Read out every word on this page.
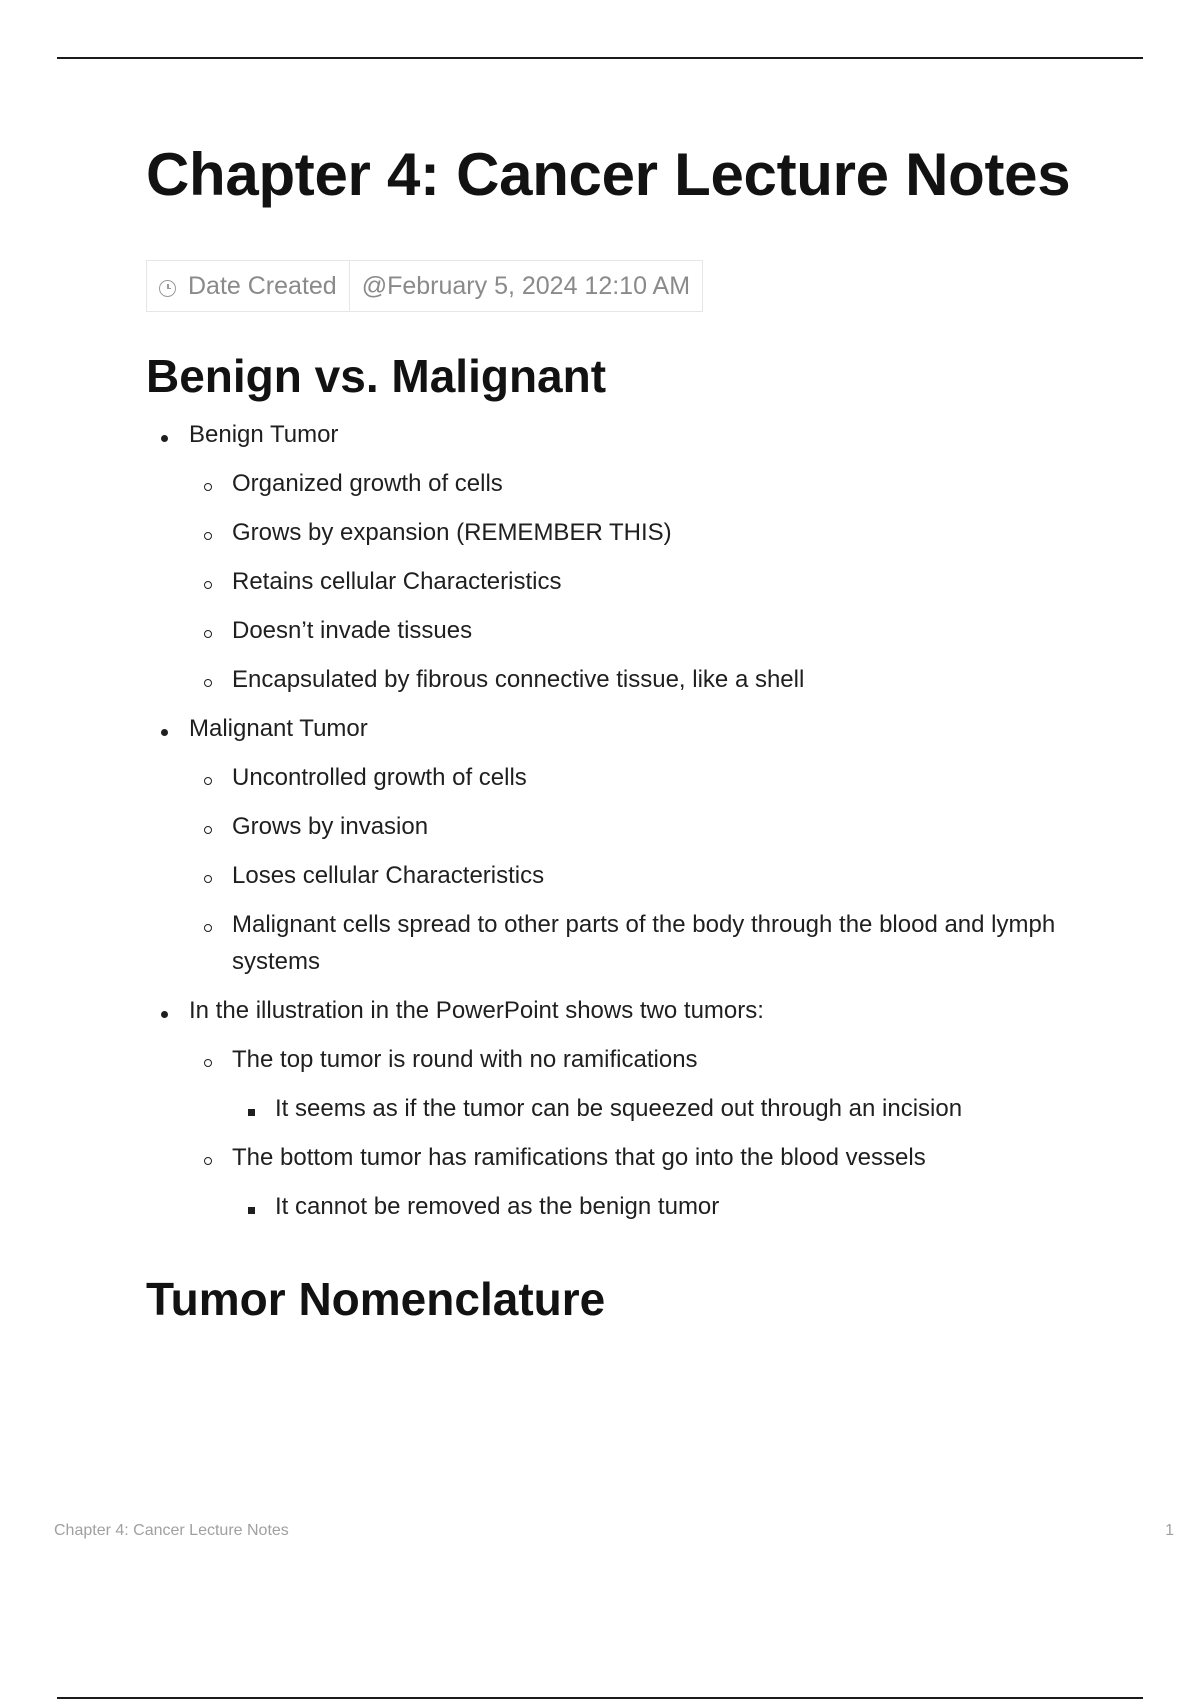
Chapter 4: Cancer Lecture Notes
Date Created	@February 5, 2024 12:10 AM
Benign vs. Malignant
Benign Tumor
Organized growth of cells
Grows by expansion (REMEMBER THIS)
Retains cellular Characteristics
Doesn’t invade tissues
Encapsulated by fibrous connective tissue, like a shell
Malignant Tumor
Uncontrolled growth of cells
Grows by invasion
Loses cellular Characteristics
Malignant cells spread to other parts of the body through the blood and lymph systems
In the illustration in the PowerPoint shows two tumors:
The top tumor is round with no ramifications
It seems as if the tumor can be squeezed out through an incision
The bottom tumor has ramifications that go into the blood vessels
It cannot be removed as the benign tumor
Tumor Nomenclature
Chapter 4: Cancer Lecture Notes	1
